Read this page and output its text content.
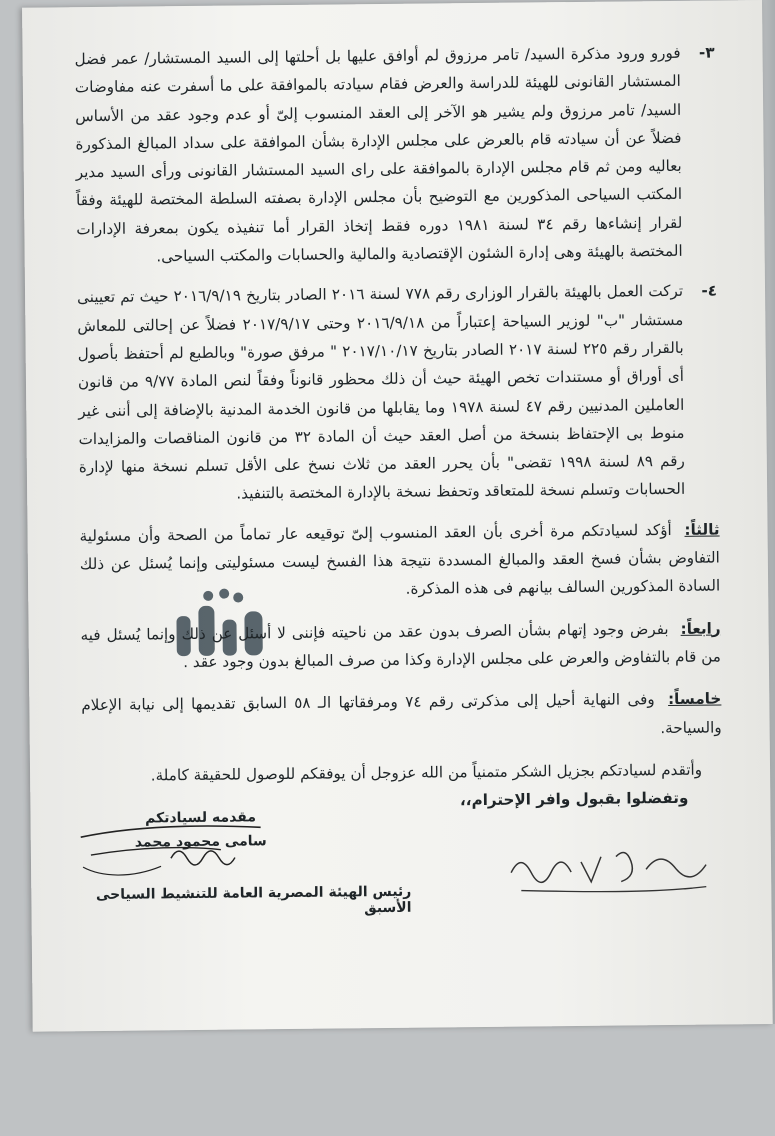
٣-
فورو ورود مذكرة السيد/ تامر مرزوق لم أوافق عليها بل أحلتها إلى السيد المستشار/ عمر فضل المستشار القانونى للهيئة للدراسة والعرض فقام سيادته بالموافقة على ما أسفرت عنه مفاوضات السيد/ تامر مرزوق ولم يشير هو الآخر إلى العقد المنسوب إلىّ أو عدم وجود عقد من الأساس فضلاً عن أن سيادته قام بالعرض على مجلس الإدارة بشأن الموافقة على سداد المبالغ المذكورة بعاليه ومن ثم قام مجلس الإدارة بالموافقة على راى السيد المستشار القانونى ورأى السيد مدير المكتب السياحى المذكورين مع التوضيح بأن مجلس الإدارة بصفته السلطة المختصة للهيئة وفقاً لقرار إنشاءها رقم ٣٤ لسنة ١٩٨١ دوره فقط إتخاذ القرار أما تنفيذه يكون بمعرفة الإدارات المختصة بالهيئة وهى إدارة الشئون الإقتصادية والمالية والحسابات والمكتب السياحى.
٤-
تركت العمل بالهيئة بالقرار الوزارى رقم ٧٧٨ لسنة ٢٠١٦ الصادر بتاريخ ٢٠١٦/٩/١٩ حيث تم تعيينى مستشار "ب" لوزير السياحة إعتباراً من ٢٠١٦/٩/١٨ وحتى ٢٠١٧/٩/١٧ فضلاً عن إحالتى للمعاش بالقرار رقم ٢٢٥ لسنة ٢٠١٧ الصادر بتاريخ ٢٠١٧/١٠/١٧ " مرفق صورة" وبالطبع لم أحتفظ بأصول أى أوراق أو مستندات تخص الهيئة حيث أن ذلك محظور قانوناً وفقاً لنص المادة ٩/٧٧ من قانون العاملين المدنيين رقم ٤٧ لسنة ١٩٧٨ وما يقابلها من قانون الخدمة المدنية بالإضافة إلى أننى غير منوط بى الإحتفاظ بنسخة من أصل العقد حيث أن المادة ٣٢ من قانون المناقصات والمزايدات رقم ٨٩ لسنة ١٩٩٨ تقضى" بأن يحرر العقد من ثلاث نسخ على الأقل تسلم نسخة منها لإدارة الحسابات وتسلم نسخة للمتعاقد وتحفظ نسخة بالإدارة المختصة بالتنفيذ.
ثالثاً: أؤكد لسيادتكم مرة أخرى بأن العقد المنسوب إلىّ توقيعه عار تماماً من الصحة وأن مسئولية التفاوض بشأن فسخ العقد والمبالغ المسددة نتيجة هذا الفسخ ليست مسئوليتى وإنما يُسئل عن ذلك السادة المذكورين السالف بيانهم فى هذه المذكرة.
رابعاً: بفرض وجود إتهام بشأن الصرف بدون عقد من ناحيته فإننى لا أسئل عن ذلك وإنما يُسئل فيه من قام بالتفاوض والعرض على مجلس الإدارة وكذا من صرف المبالغ بدون وجود عقد .
خامساً: وفى النهاية أحيل إلى مذكرتى رقم ٧٤ ومرفقاتها الـ ٥٨ السابق تقديمها إلى نيابة الإعلام والسياحة.
وأتقدم لسيادتكم بجزيل الشكر متمنياً من الله عزوجل أن يوفقكم للوصول للحقيقة كاملة.
وتفضلوا بقبول وافر الإحترام،،
مقدمه لسيادتكم
سامى محمود محمد
رئيس الهيئة المصرية العامة للتنشيط السياحى الأسبق
